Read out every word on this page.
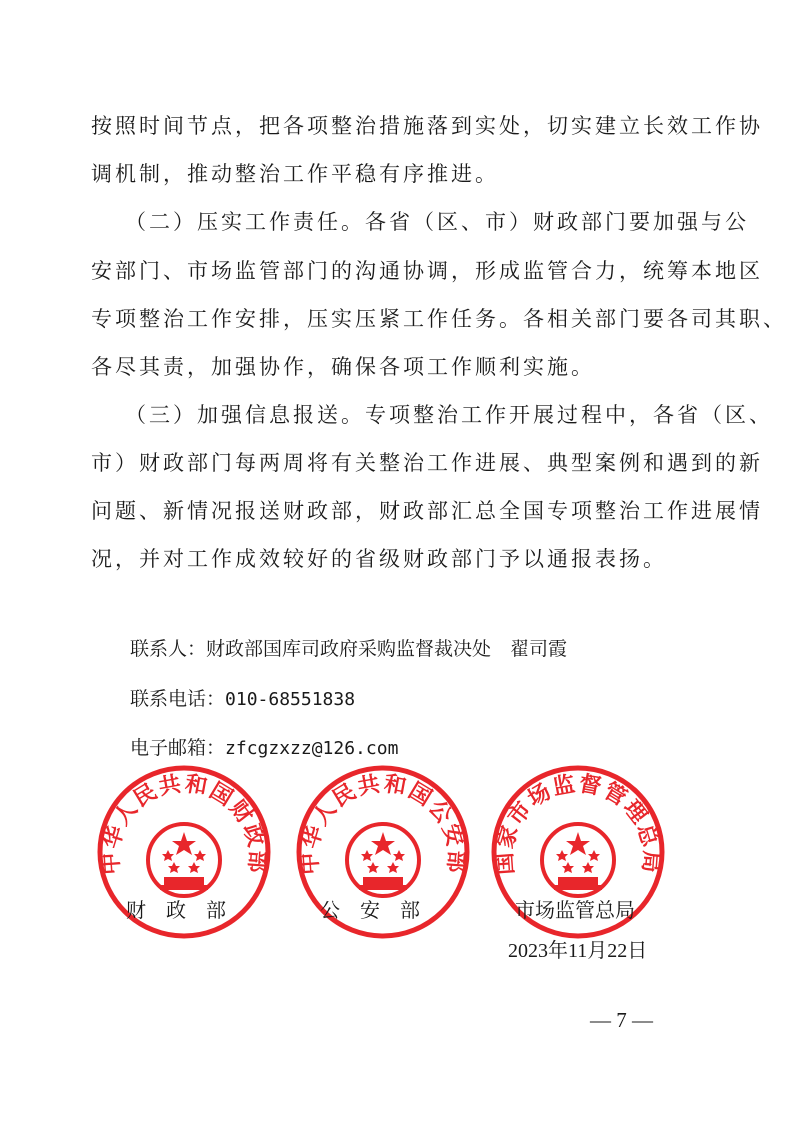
按照时间节点，把各项整治措施落到实处，切实建立长效工作协
调机制，推动整治工作平稳有序推进。
（二）压实工作责任。各省（区、市）财政部门要加强与公
安部门、市场监管部门的沟通协调，形成监管合力，统筹本地区
专项整治工作安排，压实压紧工作任务。各相关部门要各司其职、
各尽其责，加强协作，确保各项工作顺利实施。
（三）加强信息报送。专项整治工作开展过程中，各省（区、
市）财政部门每两周将有关整治工作进展、典型案例和遇到的新
问题、新情况报送财政部，财政部汇总全国专项整治工作进展情
况，并对工作成效较好的省级财政部门予以通报表扬。
联系人：财政部国库司政府采购监督裁决处　翟司霞
联系电话：010-68551838
电子邮箱：zfcgzxzz@126.com
中华人民共和国财政部 中华人民共和国公安部 国家市场监督管理总局
财　政　部	公　安　部	市场监管总局
2023年11月22日
— 7 —
